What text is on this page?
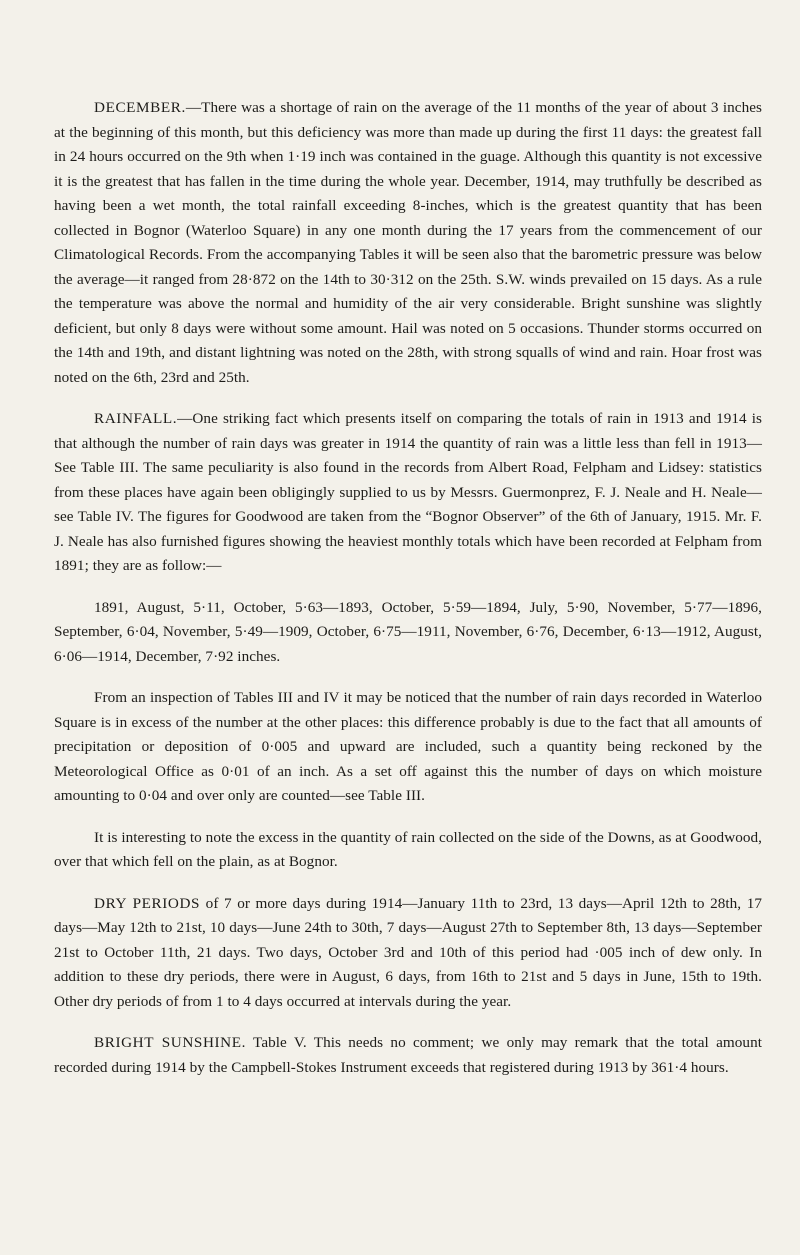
DECEMBER.—There was a shortage of rain on the average of the 11 months of the year of about 3 inches at the beginning of this month, but this deficiency was more than made up during the first 11 days: the greatest fall in 24 hours occurred on the 9th when 1·19 inch was contained in the guage. Although this quantity is not excessive it is the greatest that has fallen in the time during the whole year. December, 1914, may truthfully be described as having been a wet month, the total rainfall exceeding 8-inches, which is the greatest quantity that has been collected in Bognor (Waterloo Square) in any one month during the 17 years from the commencement of our Climatological Records. From the accompanying Tables it will be seen also that the barometric pressure was below the average—it ranged from 28·872 on the 14th to 30·312 on the 25th. S.W. winds prevailed on 15 days. As a rule the temperature was above the normal and humidity of the air very considerable. Bright sunshine was slightly deficient, but only 8 days were without some amount. Hail was noted on 5 occasions. Thunder storms occurred on the 14th and 19th, and distant lightning was noted on the 28th, with strong squalls of wind and rain. Hoar frost was noted on the 6th, 23rd and 25th.

RAINFALL.—One striking fact which presents itself on comparing the totals of rain in 1913 and 1914 is that although the number of rain days was greater in 1914 the quantity of rain was a little less than fell in 1913—See Table III. The same peculiarity is also found in the records from Albert Road, Felpham and Lidsey: statistics from these places have again been obligingly supplied to us by Messrs. Guermonprez, F. J. Neale and H. Neale—see Table IV. The figures for Goodwood are taken from the “Bognor Observer” of the 6th of January, 1915. Mr. F. J. Neale has also furnished figures showing the heaviest monthly totals which have been recorded at Felpham from 1891; they are as follow:—

1891, August, 5·11, October, 5·63—1893, October, 5·59—1894, July, 5·90, November, 5·77—1896, September, 6·04, November, 5·49—1909, October, 6·75—1911, November, 6·76, December, 6·13—1912, August, 6·06—1914, December, 7·92 inches.

From an inspection of Tables III and IV it may be noticed that the number of rain days recorded in Waterloo Square is in excess of the number at the other places: this difference probably is due to the fact that all amounts of precipitation or deposition of 0·005 and upward are included, such a quantity being reckoned by the Meteorological Office as 0·01 of an inch. As a set off against this the number of days on which moisture amounting to 0·04 and over only are counted—see Table III.

It is interesting to note the excess in the quantity of rain collected on the side of the Downs, as at Goodwood, over that which fell on the plain, as at Bognor.

DRY PERIODS of 7 or more days during 1914—January 11th to 23rd, 13 days—April 12th to 28th, 17 days—May 12th to 21st, 10 days—June 24th to 30th, 7 days—August 27th to September 8th, 13 days—September 21st to October 11th, 21 days. Two days, October 3rd and 10th of this period had ·005 inch of dew only. In addition to these dry periods, there were in August, 6 days, from 16th to 21st and 5 days in June, 15th to 19th. Other dry periods of from 1 to 4 days occurred at intervals during the year.

BRIGHT SUNSHINE. Table V. This needs no comment; we only may remark that the total amount recorded during 1914 by the Campbell-Stokes Instrument exceeds that registered during 1913 by 361·4 hours.
